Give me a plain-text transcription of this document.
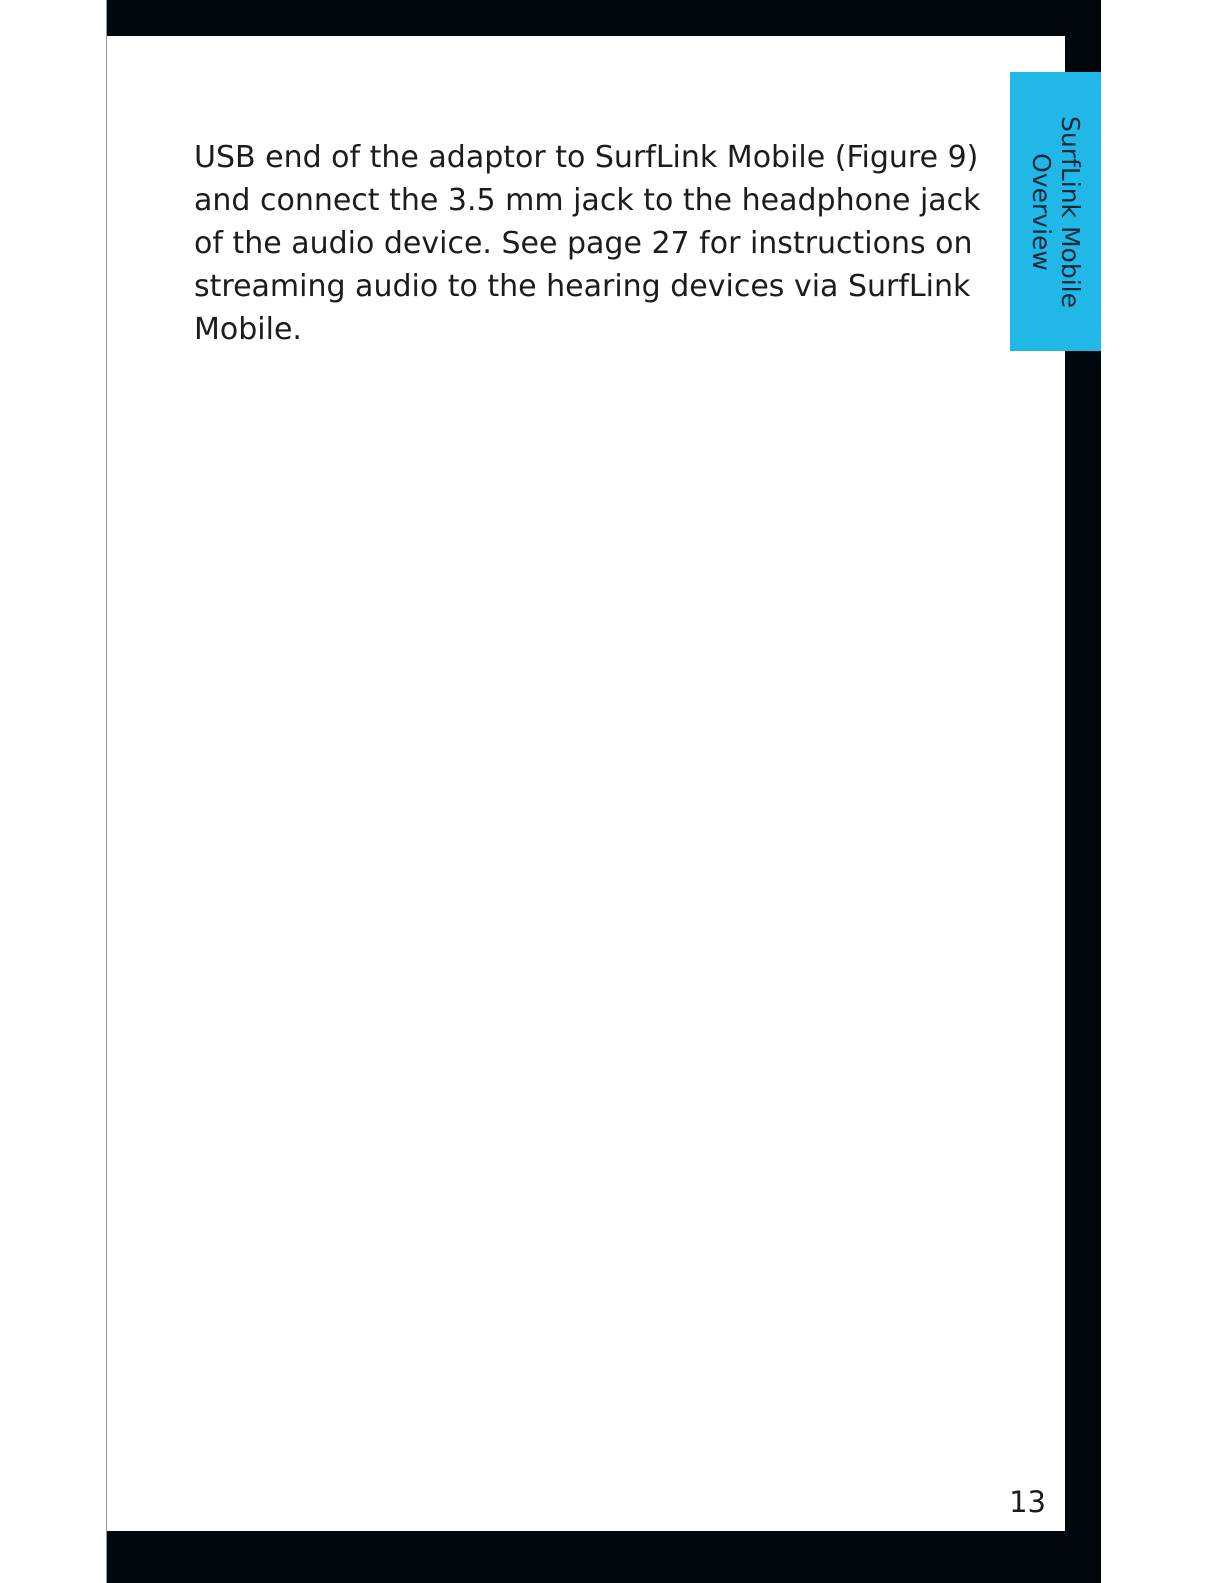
SurfLink Mobile
Overview

USB end of the adaptor to SurfLink Mobile (Figure 9)
and connect the 3.5 mm jack to the headphone jack
of the audio device. See page 27 for instructions on
streaming audio to the hearing devices via SurfLink
Mobile.

13
